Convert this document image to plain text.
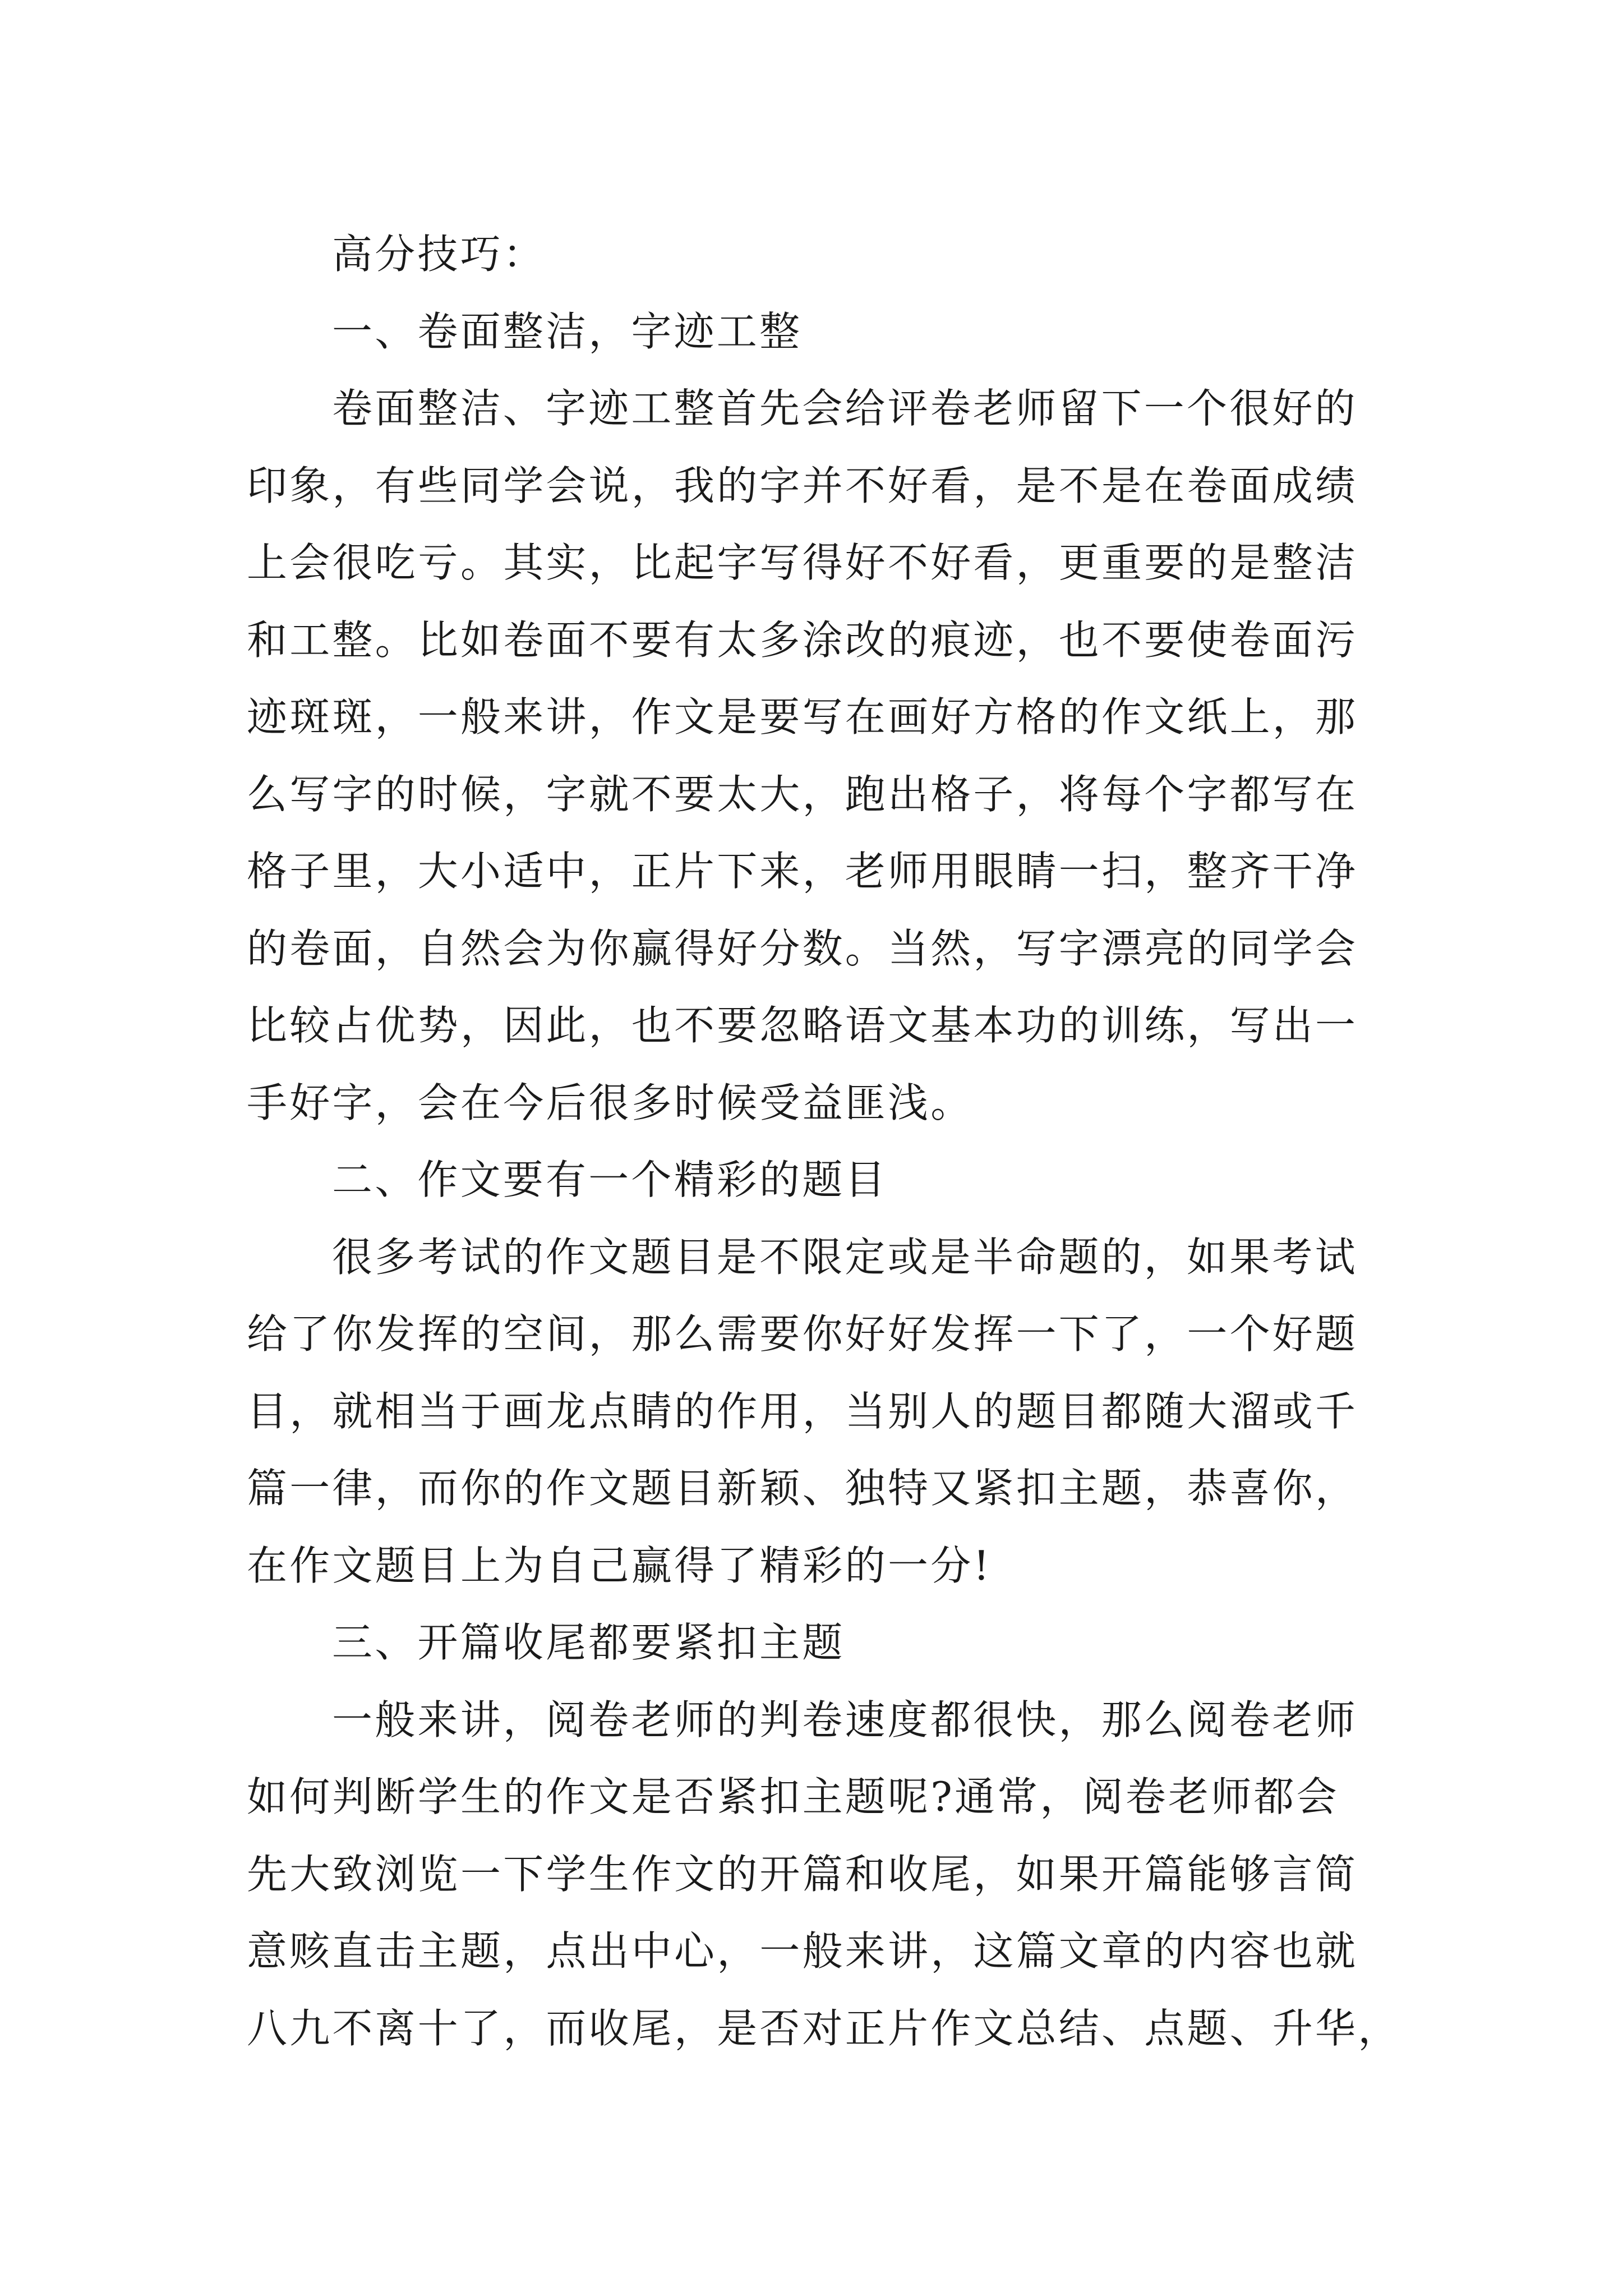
高分技巧：
一、卷面整洁，字迹工整
卷面整洁、字迹工整首先会给评卷老师留下一个很好的
印象，有些同学会说，我的字并不好看，是不是在卷面成绩
上会很吃亏。其实，比起字写得好不好看，更重要的是整洁
和工整。比如卷面不要有太多涂改的痕迹，也不要使卷面污
迹斑斑，一般来讲，作文是要写在画好方格的作文纸上，那
么写字的时候，字就不要太大，跑出格子，将每个字都写在
格子里，大小适中，正片下来，老师用眼睛一扫，整齐干净
的卷面，自然会为你赢得好分数。当然，写字漂亮的同学会
比较占优势，因此，也不要忽略语文基本功的训练，写出一
手好字，会在今后很多时候受益匪浅。
二、作文要有一个精彩的题目
很多考试的作文题目是不限定或是半命题的，如果考试
给了你发挥的空间，那么需要你好好发挥一下了，一个好题
目，就相当于画龙点睛的作用，当别人的题目都随大溜或千
篇一律，而你的作文题目新颖、独特又紧扣主题，恭喜你，
在作文题目上为自己赢得了精彩的一分!
三、开篇收尾都要紧扣主题
一般来讲，阅卷老师的判卷速度都很快，那么阅卷老师
如何判断学生的作文是否紧扣主题呢?通常，阅卷老师都会
先大致浏览一下学生作文的开篇和收尾，如果开篇能够言简
意赅直击主题，点出中心，一般来讲，这篇文章的内容也就
八九不离十了，而收尾，是否对正片作文总结、点题、升华，
